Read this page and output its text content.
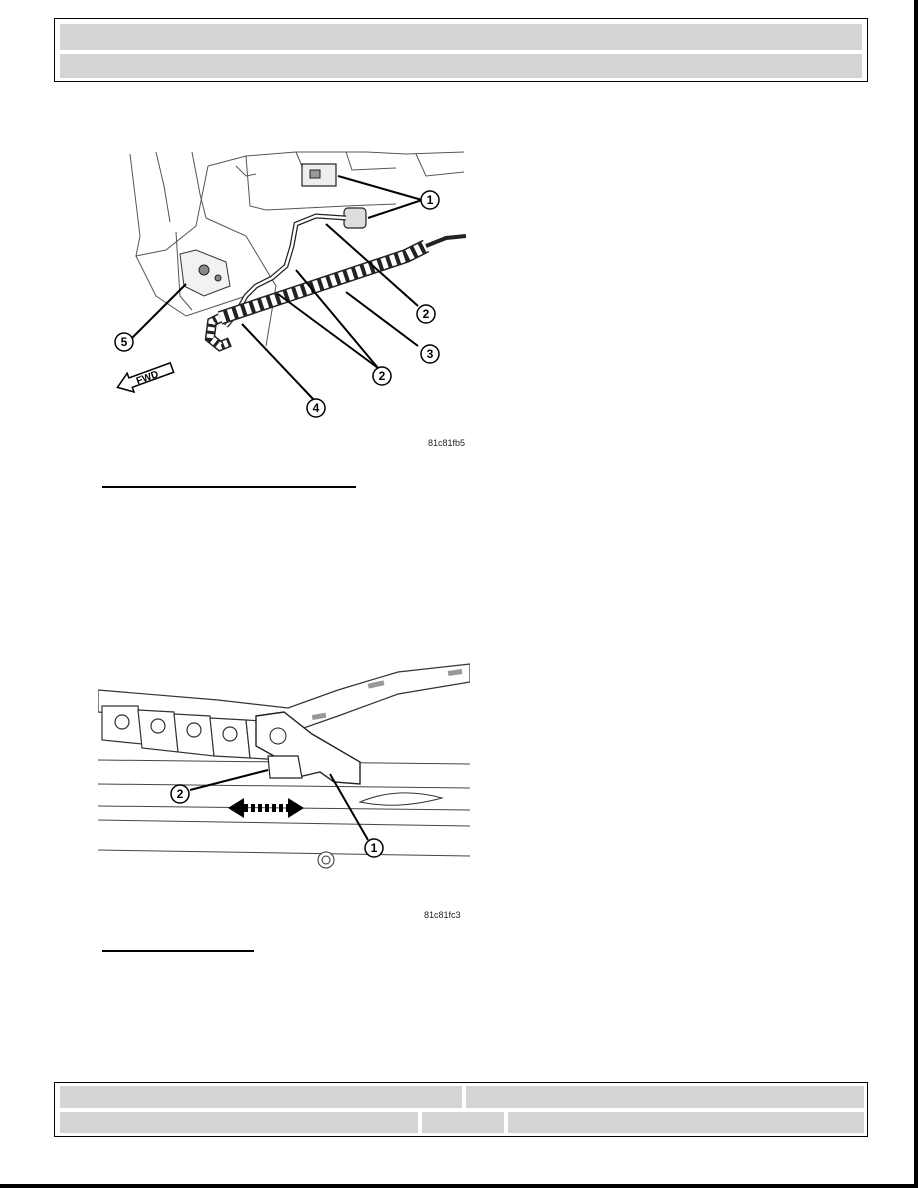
FWD
1
2
3
2
4
5
81c81fb5
2
1
81c81fc3
